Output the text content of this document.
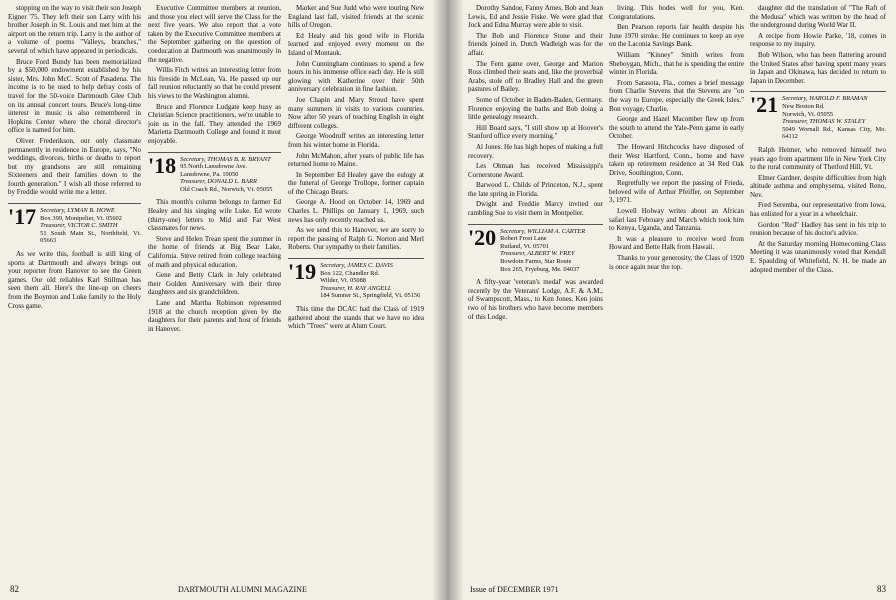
stopping on the way to visit their son Joseph Eigner '75. They left their son Larry with his brother Joseph in St. Louis and met him at the airport on the return trip. Larry is the author of a volume of poems "Valleys, branches," several of which have appeared in periodicals.

Bruce Ford Bundy has been memorialized by a $50,000 endowment established by his sister, Mrs. John McC. Scott of Pasadena. The income is to be used to help defray costs of travel for the 50-voice Dartmouth Glee Club on its annual concert tours. Bruce's long-time interest in music is also remembered in Hopkins Center where the choral director's office is named for him.

Oliver Frederikson, our only classmate permanently in residence in Europe, says, "No weddings, divorces, births or deaths to report but my grandsons are still remaining Sixteeners and their families down to the fourth generation." I wish all those referred to by Freddie would write me a letter.

'17 Secretary, LYMAN B. HOWE
Box 399, Montpelier, Vt. 05602
Treasurer, VICTOR C. SMITH
51 South Main St., Northfield, Vt. 05663

As we write this, football is still king of sports at Dartmouth and always brings out your reporter from Hanover to see the Green games. Our old reliables Karl Stillman has seen them all. Here's the line-up on cheers from the Boynton and Luke family to the Holy Cross game.

Executive Committee members at reunion, and those you elect will serve the Class for the next five years. We also report that a vote taken by the Executive Committee members at the September gathering on the question of coeducation at Dartmouth was unanimously in the negative.

Willis Fitch writes an interesting letter from his fireside in McLean, Va. He passed up our fall reunion reluctantly so that he could present his views to the Washington alumni.

Bruce and Florence Ludgate keep busy as Christian Science practitioners, we're unable to join us in the fall. They attended the 1969 Marietta Dartmouth College and found it most enjoyable.

'18 Secretary, THOMAS B. R. BRYANT
95 North Lansdowne Ave.
Lansdowne, Pa. 19050
Treasurer, DONALD L. BARR
Old Coach Rd., Norwich, Vt. 05055

This month's column belongs to farmer Ed Healey and his singing wife Luke. Ed wrote (thirty-one) letters to Mid and Far West classmates for news.

Steve and Helen Trean spent the summer in the home of friends at Big Bear Lake, California. Steve retired from college teaching of math and physical education.

Gene and Betty Clark in July celebrated their Golden Anniversary with their three daughters and six grandchildren.

Lane and Martha Robinson represented 1918 at the church reception given by the daughters for their parents and host of friends in Hanover.

Marker and Sue Judd who were touring New England last fall, visited friends at the scenic hills of Oregon.

Ed Healy and his good wife in Florida learned and enjoyed every moment on the Island of Montauk.

John Cunningham continues to spend a few hours in his immense office each day. He is still glowing with Katherine over their 50th anniversary celebration in fine fashion.

Joe Chapin and Mary Stroud have spent many summers in visits to various countries. Now after 50 years of teaching English in eight different colleges.

George Woodruff writes an interesting letter from his winter home in Florida.

John McMahon, after years of public life has returned home to Maine.

In September Ed Healey gave the eulogy at the funeral of George Trollope, former captain of the Chicago Bears.

George A. Hood on October 14, 1969 and Charles L. Phillips on January 1, 1969, such news has only recently reached us.

As we send this to Hanover, we are sorry to report the passing of Ralph G. Norton and Merl Roberts. Our sympathy to their families.

'19 Secretary, JAMES C. DAVIS
Box 122, Chandler Rd.
Wilder, Vt. 05088
Treasurer, H. RAY ANGELL
184 Sumner St., Springfield, Vt. 05156

This time the DCAC had the Class of 1919 gathered about the stands that we have no idea which "Trees" were at Alum Court.

82	DARTMOUTH ALUMNI MAGAZINE

Dorothy Sandoe, Fanny Ames, Bob and Jean Lewis, Ed and Jessie Fiske. We were glad that Jock and Edna Murray were able to visit.

The Bob and Florence Stone and their friends joined in. Dutch Wadleigh was for the affair.

The Fern game over, George and Marion Ross climbed their seats and, like the proverbial Arabs, stole off to Bradley Hall and the green pastures of Bailey.

Some of October in Baden-Baden, Germany. Florence enjoying the baths and Bob doing a little genealogy research.

Hill Board says, "I still show up at Hoover's Stanford office every morning."

Al Jones. He has high hopes of making a full recovery.

Les Ohman has received Mississippi's Cornerstone Award.

Barwood L. Childs of Princeton, N.J., spent the late spring in Florida.

Dwight and Freddie Marcy invited our rambling Sue to visit them in Montpelier.

'20 Secretary, WILLIAM A. CARTER
Robert Frost Lane
Rutland, Vt. 05701
Treasurer, ALBERT W. FREY
Bowdoin Farms, Star Route
Box 265, Fryeburg, Me. 04037

A fifty-year 'veteran's medal' was awarded recently by the Veterans' Lodge, A.F. & A.M., of Swampscott, Mass., to Ken Jones. Ken joins two of his brothers who have become members of this Lodge.

living. This bodes well for you, Ken. Congratulations.

Ben Pearson reports fair health despite his June 1970 stroke. He continues to keep an eye on the Laconia Savings Bank.

William "Kinney" Smith writes from Sheboygan, Mich., that he is spending the entire winter in Florida.

From Sarasota, Fla., comes a brief message from Charlie Stevens that the Stevens are "on the way to Europe, especially the Greek Isles." Bon voyage, Charlie.

George and Hazel Macomber flew up from the south to attend the Yale-Penn game in early October.

The Howard Hitchcocks have disposed of their West Hartford, Conn., home and have taken up retirement residence at 34 Red Oak Drive, Southington, Conn.

Regretfully we report the passing of Frieda, beloved wife of Arthur Pfeiffer, on September 3, 1971.

Lowell Holway writes about an African safari last February and March which took him to Kenya, Uganda, and Tanzania.

It was a pleasure to receive word from Howard and Bette Halk from Hawaii.

Thanks to your generosity, the Class of 1920 is once again near the top.

daughter did the translation of "The Raft of the Medusa" which was written by the head of the underground during World War II.

A recipe from Howie Parke, '18, comes in response to my inquiry.

Bob Wilson, who has been flattering around the United States after having spent many years in Japan and Okinawa, has decided to return to Japan in December.

'21 Secretary, HAROLD F. BRAMAN
New Boston Rd.
Norwich, Vt. 05055
Treasurer, THOMAS W. STALEY
5049 Wornall Rd., Kansas City, Mo. 64112

Ralph Heimer, who removed himself two years ago from apartment life in New York City to the rural community of Thetford Hill, Vt.

Elmer Gardner, despite difficulties from high altitude asthma and emphysema, visited Reno, Nev.

Fred Seremba, our representative from Iowa, has enlisted for a year in a wheelchair.

Gordon "Red" Hadley has sent in his trip to reunion because of his doctor's advice.

At the Saturday morning Homecoming Class Meeting it was unanimously voted that Kendall E. Spaulding of Whitefield, N. H. be made an adopted member of the Class.

Issue of DECEMBER 1971	83
